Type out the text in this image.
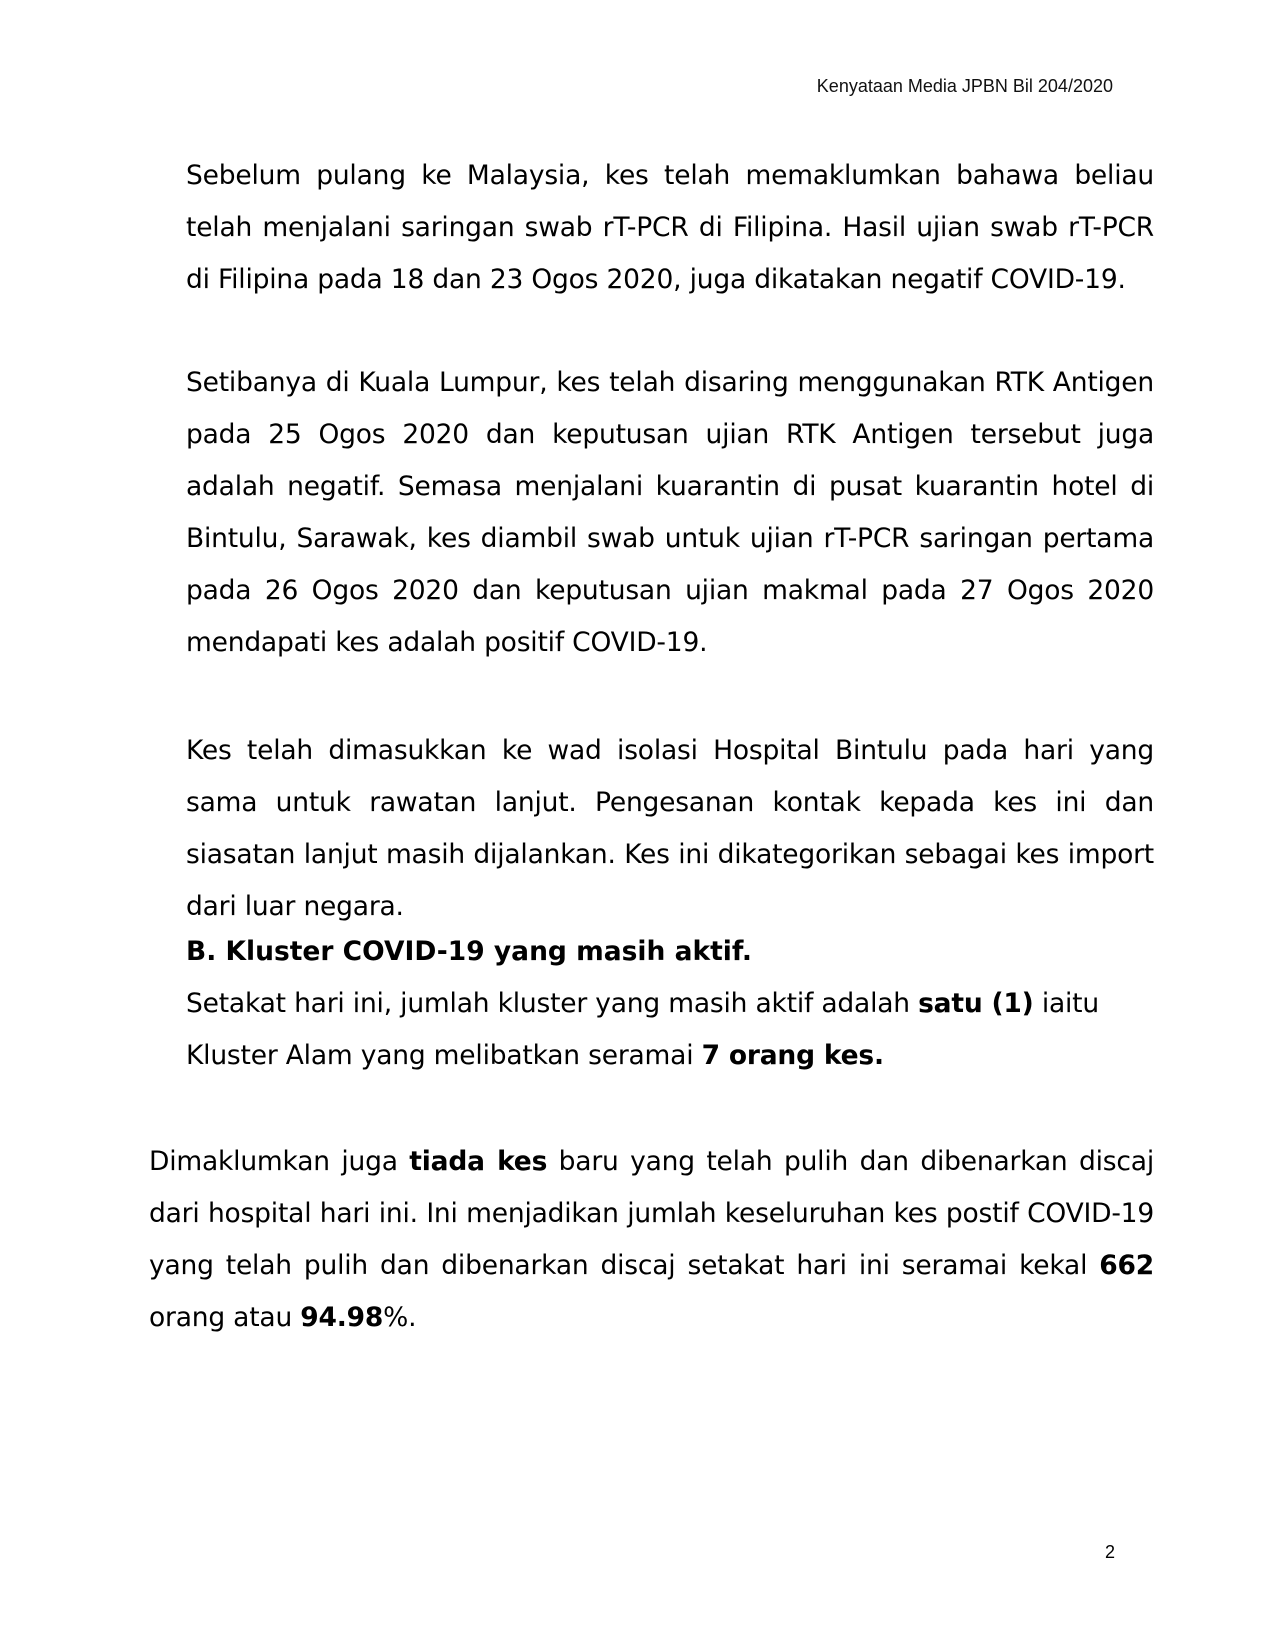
Kenyataan Media JPBN Bil 204/2020

Sebelum pulang ke Malaysia, kes telah memaklumkan bahawa beliau telah menjalani saringan swab rT-PCR di Filipina. Hasil ujian swab rT-PCR di Filipina pada 18 dan 23 Ogos 2020, juga dikatakan negatif COVID-19.

Setibanya di Kuala Lumpur, kes telah disaring menggunakan RTK Antigen pada 25 Ogos 2020 dan keputusan ujian RTK Antigen tersebut juga adalah negatif. Semasa menjalani kuarantin di pusat kuarantin hotel di Bintulu, Sarawak, kes diambil swab untuk ujian rT-PCR saringan pertama pada 26 Ogos 2020 dan keputusan ujian makmal pada 27 Ogos 2020 mendapati kes adalah positif COVID-19.

Kes telah dimasukkan ke wad isolasi Hospital Bintulu pada hari yang sama untuk rawatan lanjut. Pengesanan kontak kepada kes ini dan siasatan lanjut masih dijalankan. Kes ini dikategorikan sebagai kes import dari luar negara.

B. Kluster COVID-19 yang masih aktif.

Setakat hari ini, jumlah kluster yang masih aktif adalah satu (1) iaitu Kluster Alam yang melibatkan seramai 7 orang kes.

Dimaklumkan juga tiada kes baru yang telah pulih dan dibenarkan discaj dari hospital hari ini. Ini menjadikan jumlah keseluruhan kes postif COVID-19 yang telah pulih dan dibenarkan discaj setakat hari ini seramai kekal 662 orang atau 94.98%.

2
